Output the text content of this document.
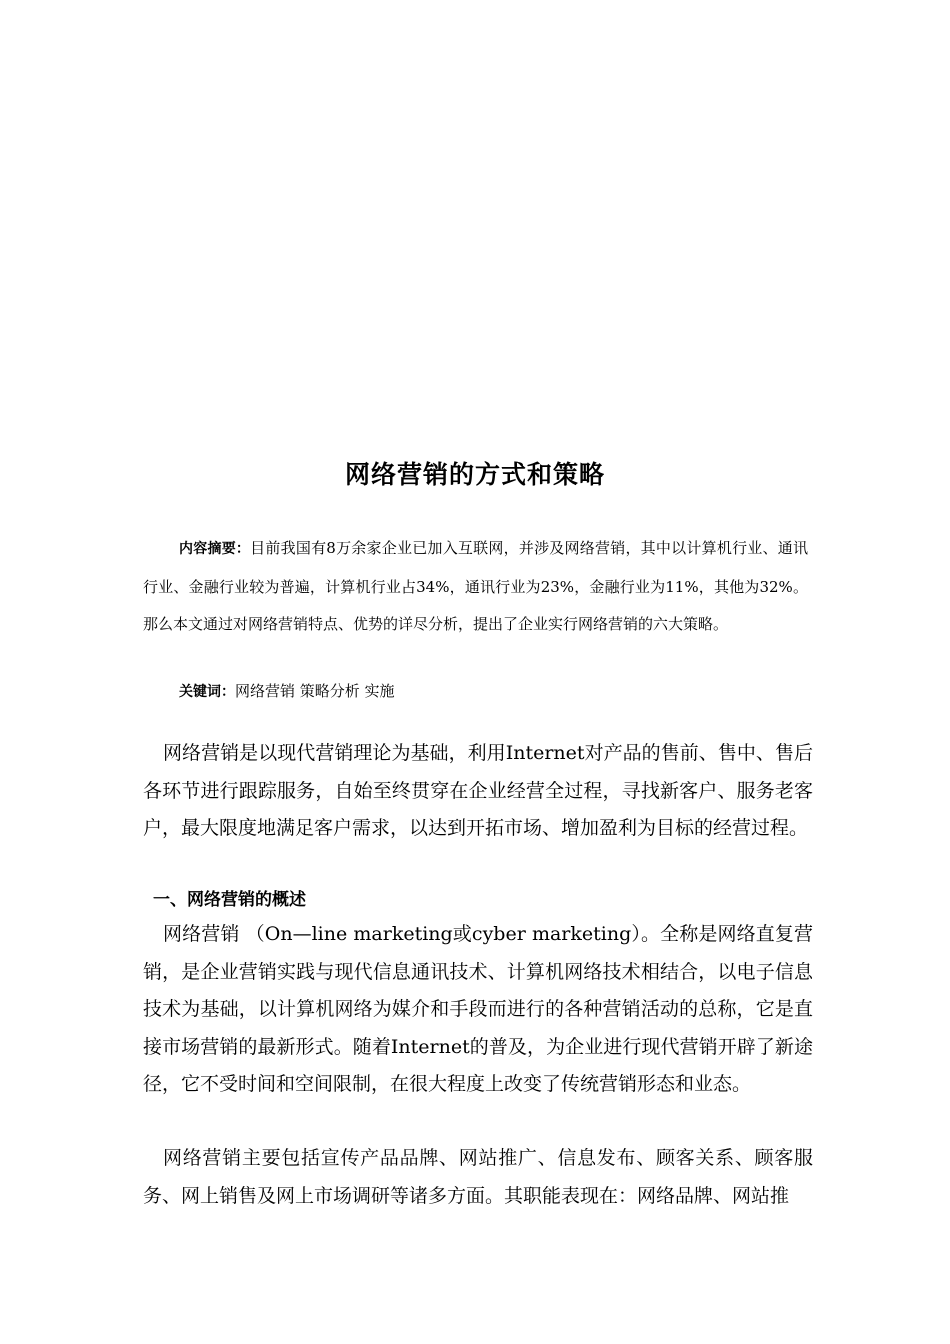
网络营销的方式和策略
内容摘要：目前我国有8万余家企业已加入互联网，并涉及网络营销，其中以计算机行业、通讯行业、金融行业较为普遍，计算机行业占34%，通讯行业为23%，金融行业为11%，其他为32%。那么本文通过对网络营销特点、优势的详尽分析，提出了企业实行网络营销的六大策略。
关键词：网络营销 策略分析 实施
网络营销是以现代营销理论为基础，利用Internet对产品的售前、售中、售后各环节进行跟踪服务，自始至终贯穿在企业经营全过程，寻找新客户、服务老客户，最大限度地满足客户需求，以达到开拓市场、增加盈利为目标的经营过程。
一、网络营销的概述
网络营销 （On—line marketing或cyber marketing）。全称是网络直复营销，是企业营销实践与现代信息通讯技术、计算机网络技术相结合，以电子信息技术为基础，以计算机网络为媒介和手段而进行的各种营销活动的总称，它是直接市场营销的最新形式。随着Internet的普及，为企业进行现代营销开辟了新途径，它不受时间和空间限制，在很大程度上改变了传统营销形态和业态。
网络营销主要包括宣传产品品牌、网站推广、信息发布、顾客关系、顾客服务、网上销售及网上市场调研等诸多方面。其职能表现在：网络品牌、网站推
